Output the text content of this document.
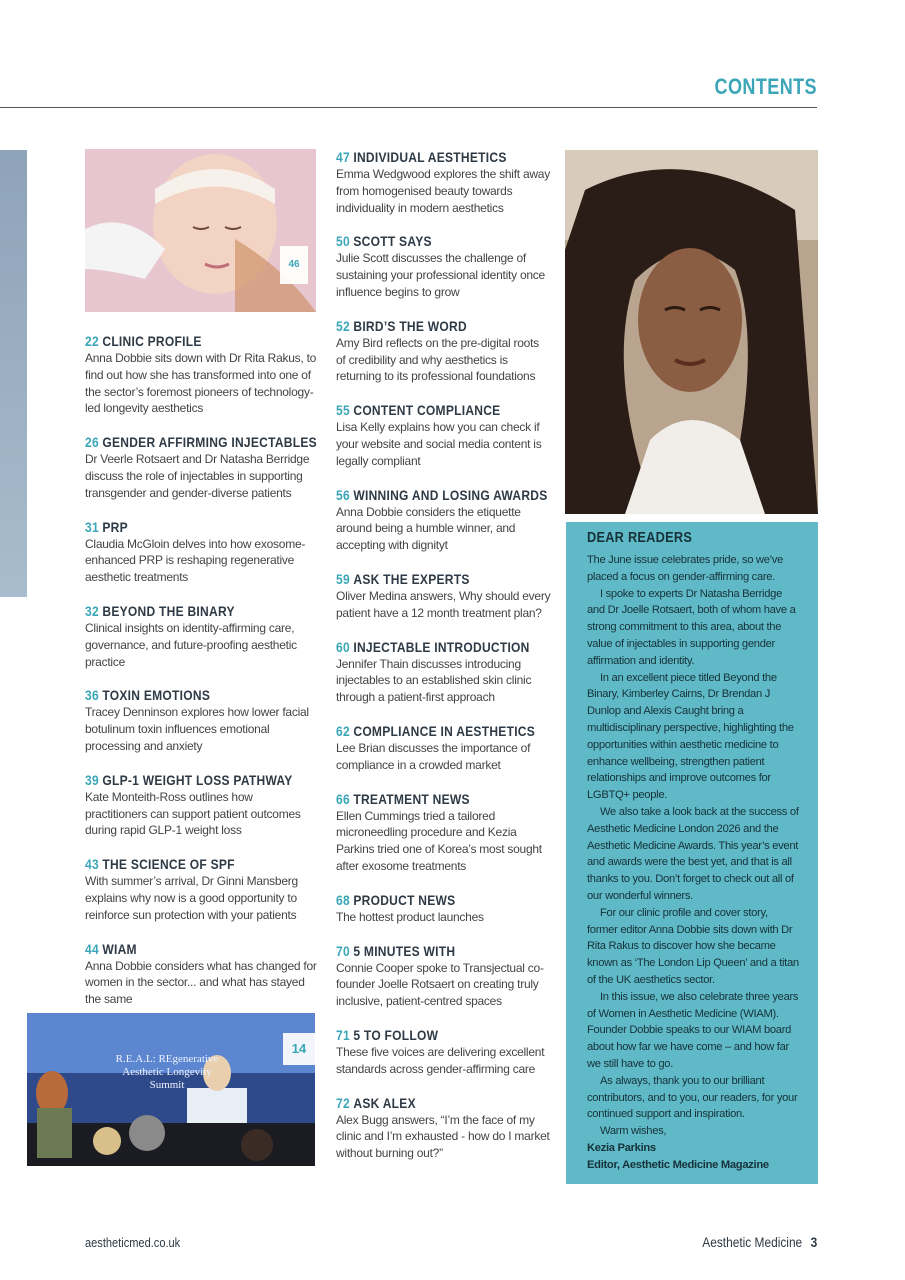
CONTENTS
46
R.E.A.L: REgenerative Aesthetic Longevity Summit
14
22 CLINIC PROFILE
Anna Dobbie sits down with Dr Rita Rakus, to find out how she has transformed into one of the sector’s foremost pioneers of technology-led longevity aesthetics
26 GENDER AFFIRMING INJECTABLES
Dr Veerle Rotsaert and Dr Natasha Berridge discuss the role of injectables in supporting transgender and gender-diverse patients
31 PRP
Claudia McGloin delves into how exosome-enhanced PRP is reshaping regenerative aesthetic treatments
32 BEYOND THE BINARY
Clinical insights on identity-affirming care, governance, and future-proofing aesthetic practice
36 TOXIN EMOTIONS
Tracey Denninson explores how lower facial botulinum toxin influences emotional processing and anxiety
39 GLP-1 WEIGHT LOSS PATHWAY
Kate Monteith-Ross outlines how practitioners can support patient outcomes during rapid GLP-1 weight loss
43 THE SCIENCE OF SPF
With summer’s arrival, Dr Ginni Mansberg explains why now is a good opportunity to reinforce sun protection with your patients
44 WIAM
Anna Dobbie considers what has changed for women in the sector... and what has stayed the same
47 INDIVIDUAL AESTHETICS
Emma Wedgwood explores the shift away from homogenised beauty towards individuality in modern aesthetics
50 SCOTT SAYS
Julie Scott discusses the challenge of sustaining your professional identity once influence begins to grow
52 BIRD’S THE WORD
Amy Bird reflects on the pre-digital roots of credibility and why aesthetics is returning to its professional foundations
55 CONTENT COMPLIANCE
Lisa Kelly explains how you can check if your website and social media content is legally compliant
56 WINNING AND LOSING AWARDS
Anna Dobbie considers the etiquette around being a humble winner, and accepting with dignityt
59 ASK THE EXPERTS
Oliver Medina answers, Why should every patient have a 12 month treatment plan?
60 INJECTABLE INTRODUCTION
Jennifer Thain discusses introducing injectables to an established skin clinic through a patient-first approach
62 COMPLIANCE IN AESTHETICS
Lee Brian discusses the importance of compliance in a crowded market
66 TREATMENT NEWS
Ellen Cummings tried a tailored microneedling procedure and Kezia Parkins tried one of Korea’s most sought after exosome treatments
68 PRODUCT NEWS
The hottest product launches
70 5 MINUTES WITH
Connie Cooper spoke to Transjectual co-founder Joelle Rotsaert on creating truly inclusive, patient-centred spaces
71 5 TO FOLLOW
These five voices are delivering excellent standards across gender-affirming care
72 ASK ALEX
Alex Bugg answers, “I’m the face of my clinic and I’m exhausted - how do I market without burning out?”
DEAR READERS

The June issue celebrates pride, so we’ve placed a focus on gender-affirming care.

I spoke to experts Dr Natasha Berridge and Dr Joelle Rotsaert, both of whom have a strong commitment to this area, about the value of injectables in supporting gender affirmation and identity.

In an excellent piece titled Beyond the Binary, Kimberley Cairns, Dr Brendan J Dunlop and Alexis Caught bring a multidisciplinary perspective, highlighting the opportunities within aesthetic medicine to enhance wellbeing, strengthen patient relationships and improve outcomes for LGBTQ+ people.

We also take a look back at the success of Aesthetic Medicine London 2026 and the Aesthetic Medicine Awards. This year’s event and awards were the best yet, and that is all thanks to you. Don’t forget to check out all of our wonderful winners.

For our clinic profile and cover story, former editor Anna Dobbie sits down with Dr Rita Rakus to discover how she became known as ‘The London Lip Queen’ and a titan of the UK aesthetics sector.

In this issue, we also celebrate three years of Women in Aesthetic Medicine (WIAM). Founder Dobbie speaks to our WIAM board about how far we have come – and how far we still have to go.

As always, thank you to our brilliant contributors, and to you, our readers, for your continued support and inspiration.

Warm wishes,

Kezia Parkins

Editor, Aesthetic Medicine Magazine

aestheticmed.co.uk	Aesthetic Medicine 3
